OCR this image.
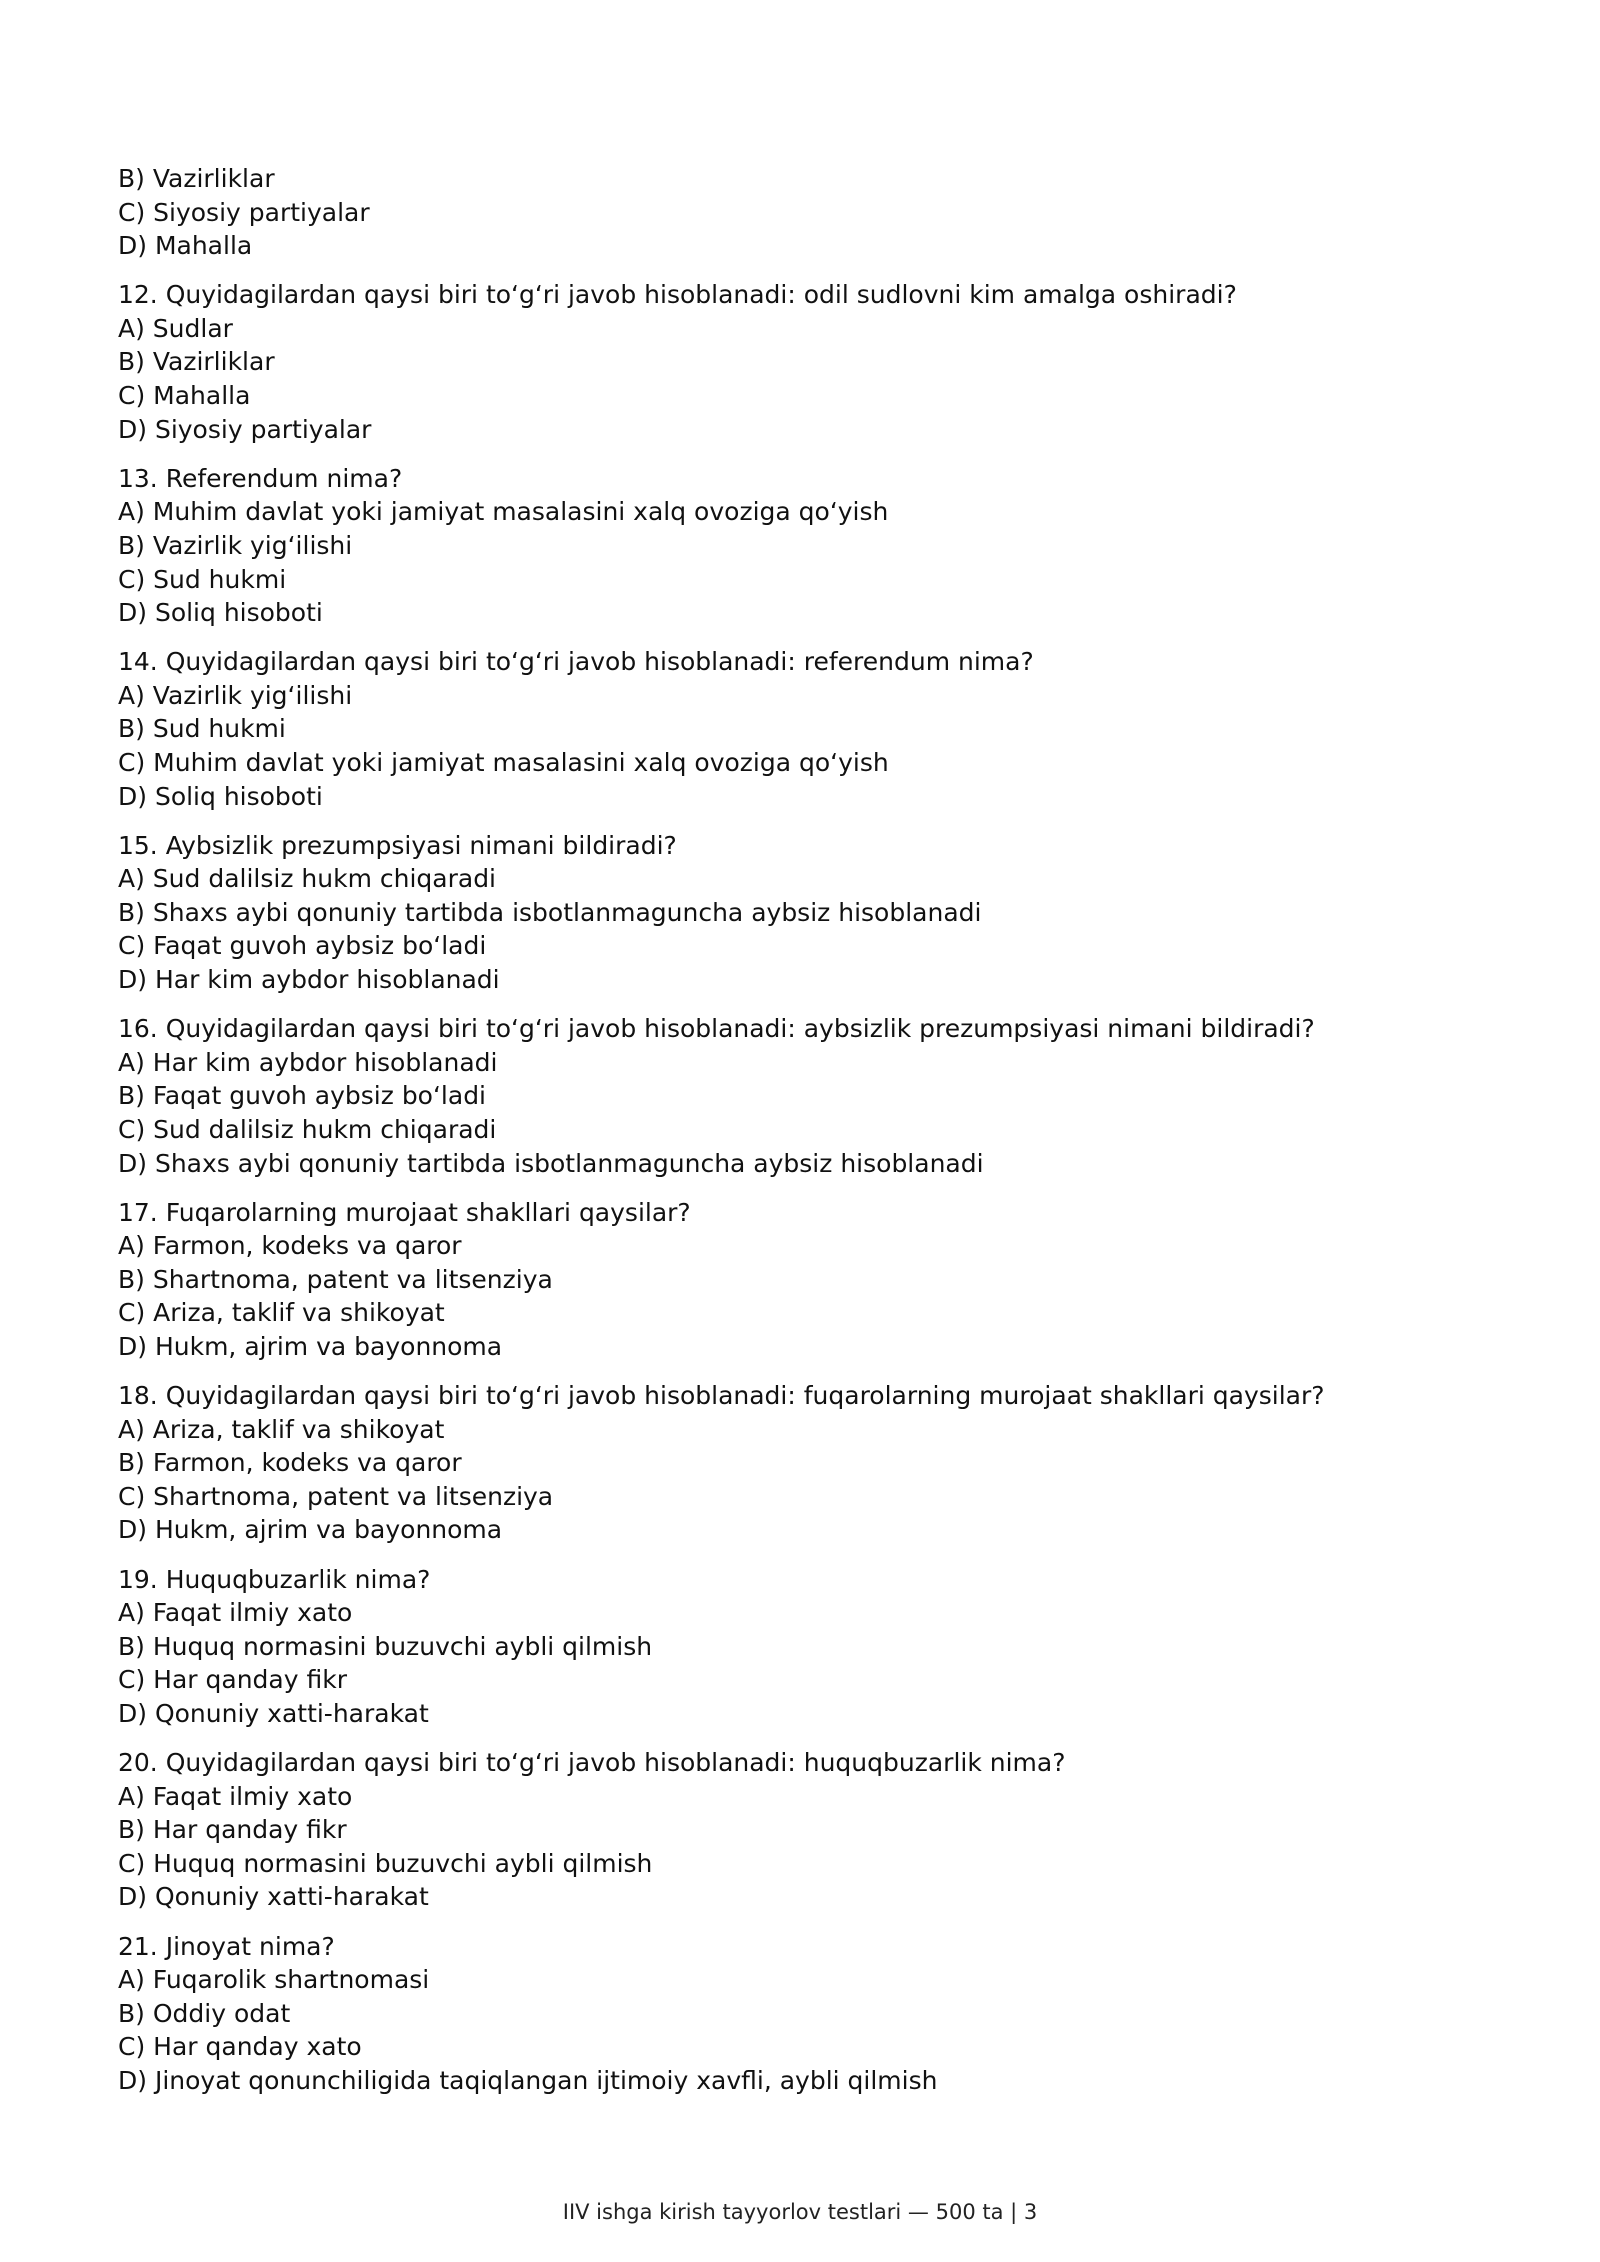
B) Vazirliklar

C) Siyosiy partiyalar

D) Mahalla

12. Quyidagilardan qaysi biri to‘g‘ri javob hisoblanadi: odil sudlovni kim amalga oshiradi?

A) Sudlar

B) Vazirliklar

C) Mahalla

D) Siyosiy partiyalar

13. Referendum nima?

A) Muhim davlat yoki jamiyat masalasini xalq ovoziga qo‘yish

B) Vazirlik yig‘ilishi

C) Sud hukmi

D) Soliq hisoboti

14. Quyidagilardan qaysi biri to‘g‘ri javob hisoblanadi: referendum nima?

A) Vazirlik yig‘ilishi

B) Sud hukmi

C) Muhim davlat yoki jamiyat masalasini xalq ovoziga qo‘yish

D) Soliq hisoboti

15. Aybsizlik prezumpsiyasi nimani bildiradi?

A) Sud dalilsiz hukm chiqaradi

B) Shaxs aybi qonuniy tartibda isbotlanmaguncha aybsiz hisoblanadi

C) Faqat guvoh aybsiz bo‘ladi

D) Har kim aybdor hisoblanadi

16. Quyidagilardan qaysi biri to‘g‘ri javob hisoblanadi: aybsizlik prezumpsiyasi nimani bildiradi?

A) Har kim aybdor hisoblanadi

B) Faqat guvoh aybsiz bo‘ladi

C) Sud dalilsiz hukm chiqaradi

D) Shaxs aybi qonuniy tartibda isbotlanmaguncha aybsiz hisoblanadi

17. Fuqarolarning murojaat shakllari qaysilar?

A) Farmon, kodeks va qaror

B) Shartnoma, patent va litsenziya

C) Ariza, taklif va shikoyat

D) Hukm, ajrim va bayonnoma

18. Quyidagilardan qaysi biri to‘g‘ri javob hisoblanadi: fuqarolarning murojaat shakllari qaysilar?

A) Ariza, taklif va shikoyat

B) Farmon, kodeks va qaror

C) Shartnoma, patent va litsenziya

D) Hukm, ajrim va bayonnoma

19. Huquqbuzarlik nima?

A) Faqat ilmiy xato

B) Huquq normasini buzuvchi aybli qilmish

C) Har qanday fikr

D) Qonuniy xatti-harakat

20. Quyidagilardan qaysi biri to‘g‘ri javob hisoblanadi: huquqbuzarlik nima?

A) Faqat ilmiy xato

B) Har qanday fikr

C) Huquq normasini buzuvchi aybli qilmish

D) Qonuniy xatti-harakat

21. Jinoyat nima?

A) Fuqarolik shartnomasi

B) Oddiy odat

C) Har qanday xato

D) Jinoyat qonunchiligida taqiqlangan ijtimoiy xavfli, aybli qilmish

IIV ishga kirish tayyorlov testlari — 500 ta | 3
